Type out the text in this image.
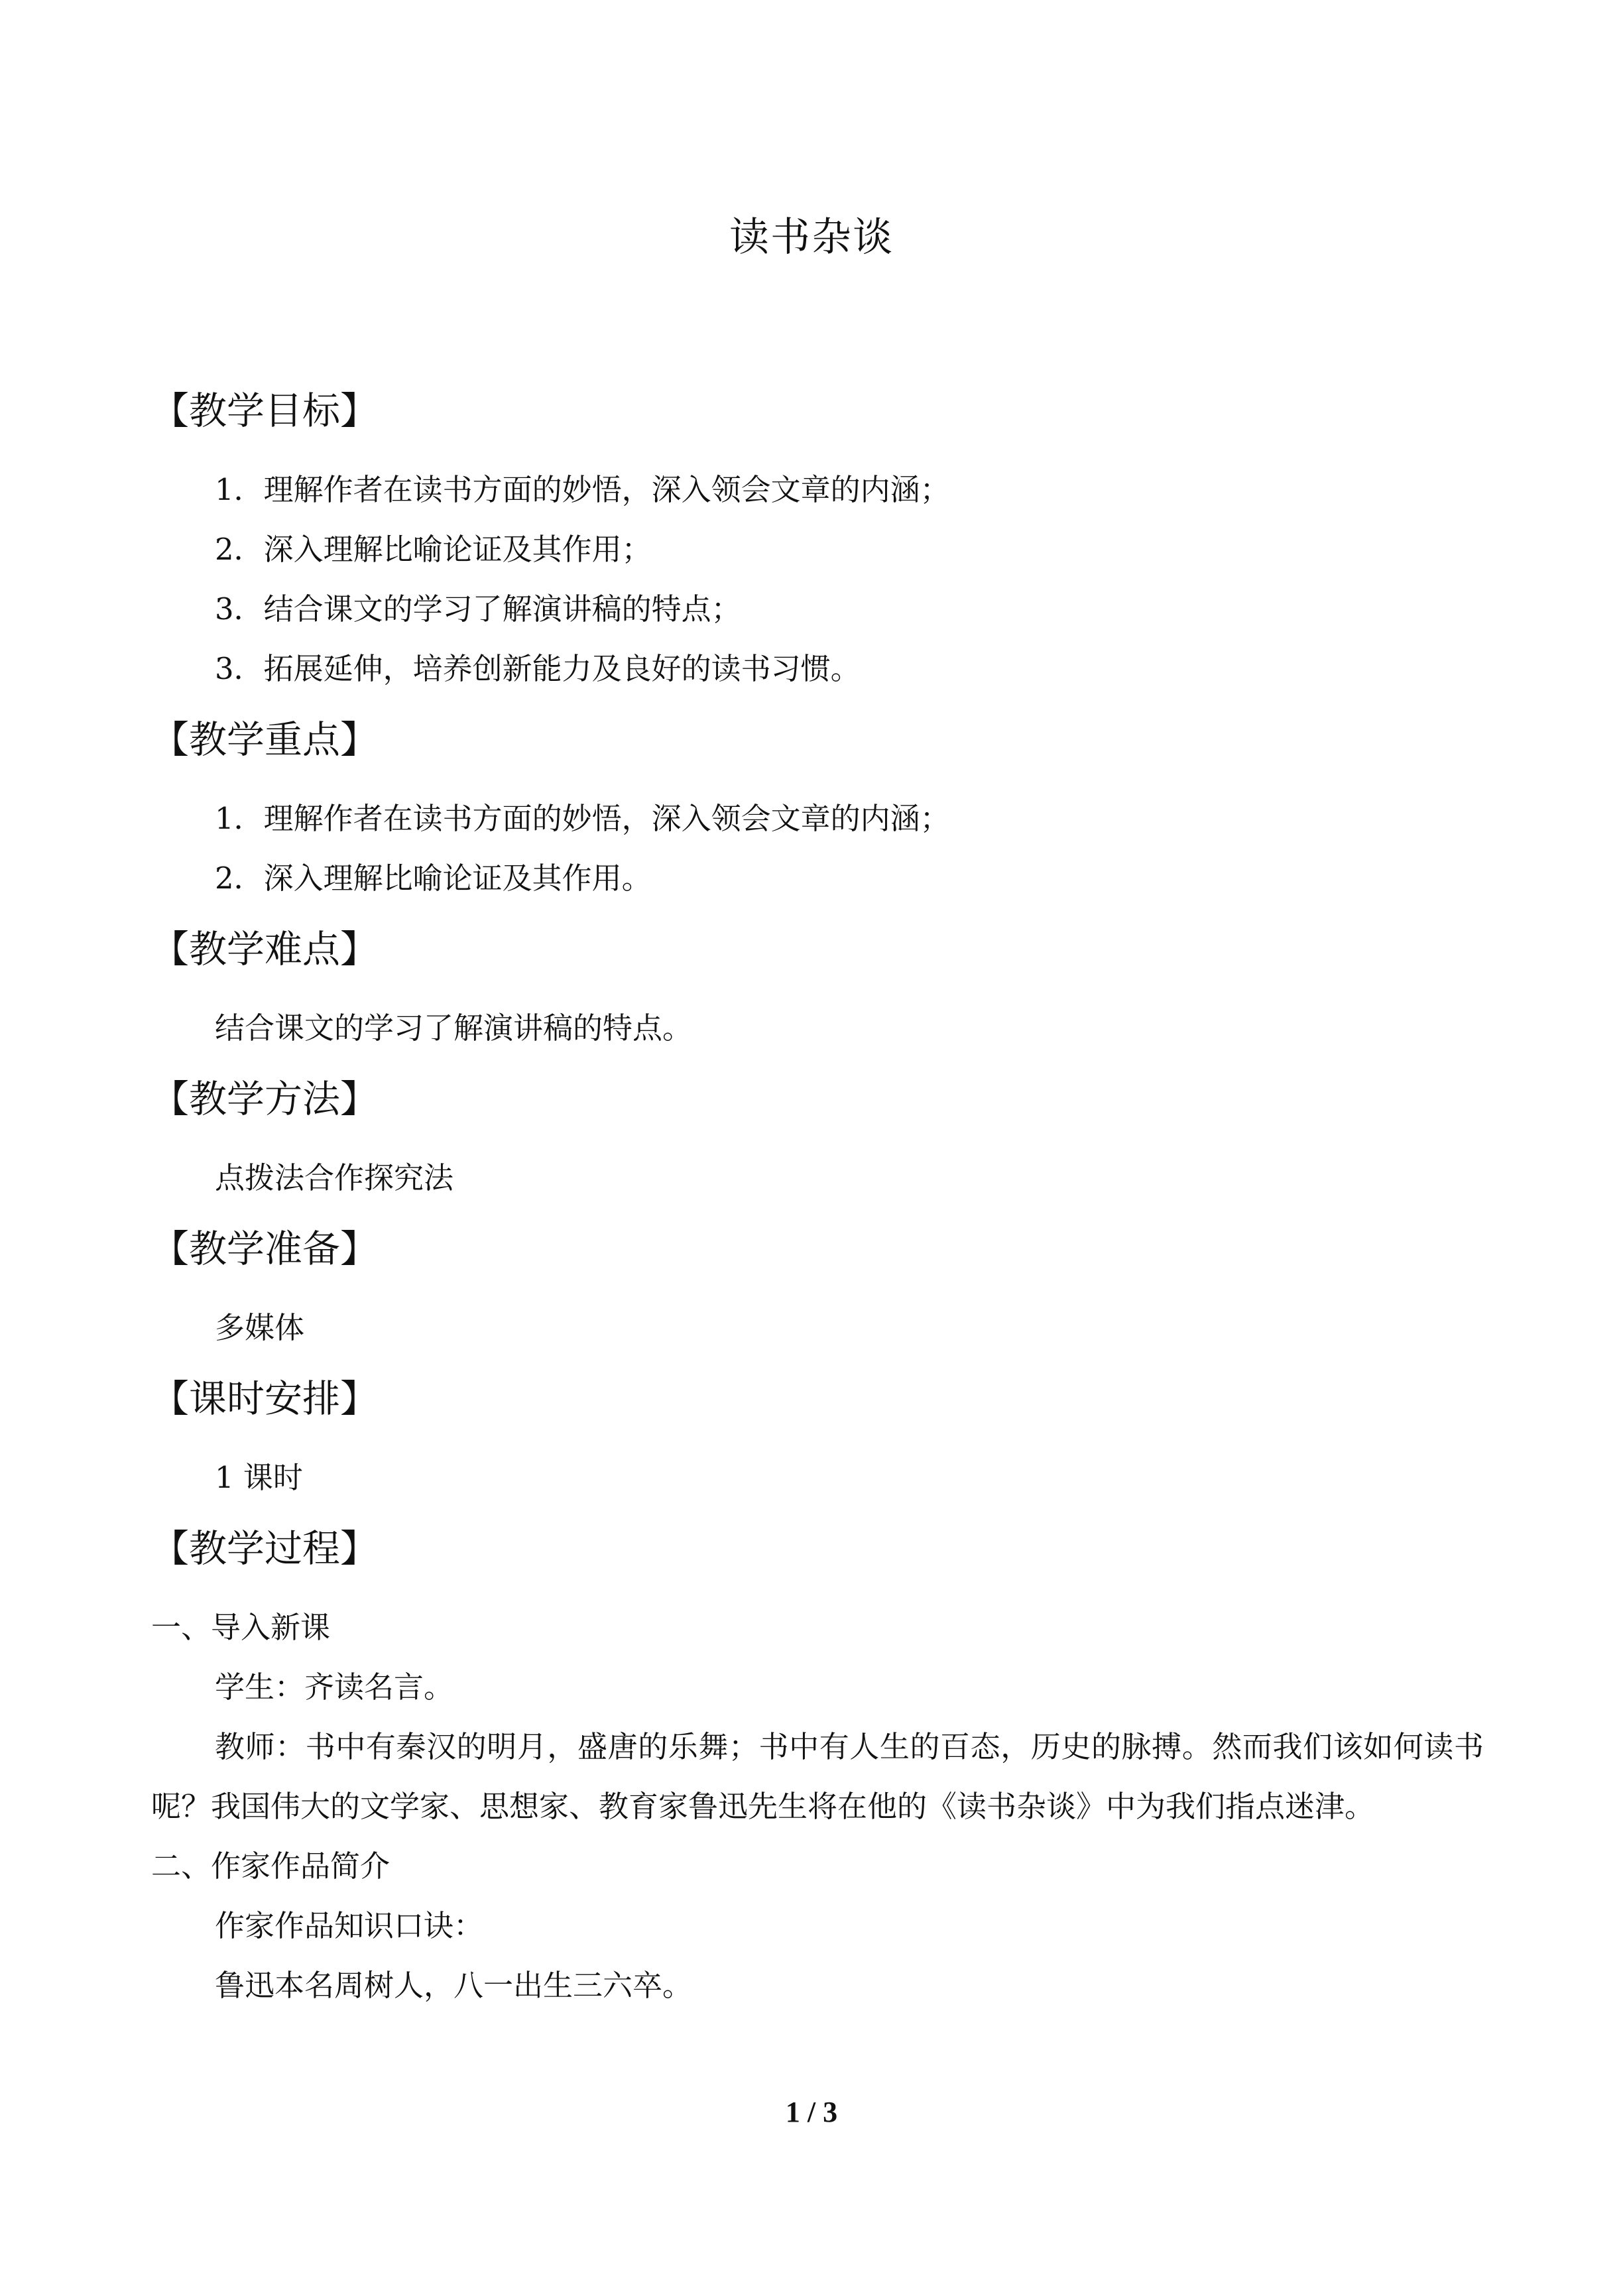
读书杂谈
【教学目标】
1．理解作者在读书方面的妙悟，深入领会文章的内涵；
2．深入理解比喻论证及其作用；
3．结合课文的学习了解演讲稿的特点；
3．拓展延伸，培养创新能力及良好的读书习惯。
【教学重点】
1．理解作者在读书方面的妙悟，深入领会文章的内涵；
2．深入理解比喻论证及其作用。
【教学难点】
结合课文的学习了解演讲稿的特点。
【教学方法】
点拨法合作探究法
【教学准备】
多媒体
【课时安排】
1 课时
【教学过程】
一、导入新课
学生：齐读名言。
教师：书中有秦汉的明月，盛唐的乐舞；书中有人生的百态，历史的脉搏。然而我们该如何读书呢？我国伟大的文学家、思想家、教育家鲁迅先生将在他的《读书杂谈》中为我们指点迷津。
二、作家作品简介
作家作品知识口诀：
鲁迅本名周树人，八一出生三六卒。
1 / 3
